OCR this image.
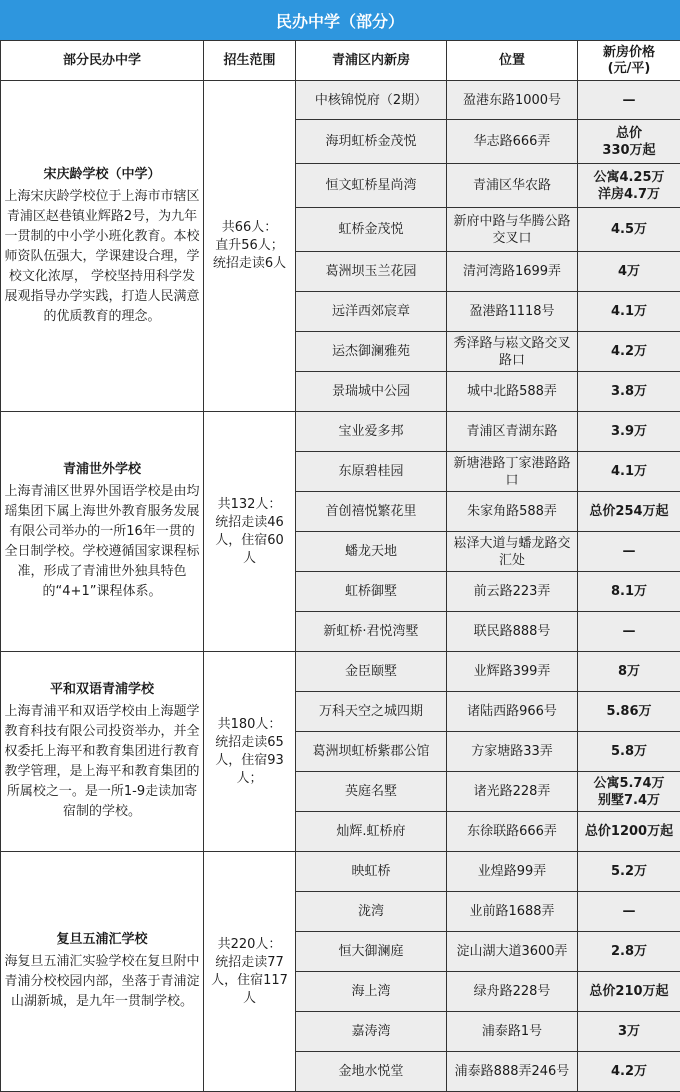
民办中学（部分）
部分民办中学	招生范围	青浦区内新房	位置	新房价格
(元/平)

宋庆龄学校（中学）
上海宋庆龄学校位于上海市市辖区青浦区赵巷镇业辉路2号，为九年一贯制的中小学小班化教育。本校师资队伍强大，学课建设合理，学校文化浓厚， 学校坚持用科学发展观指导办学实践，打造人民满意的优质教育的理念。	共66人：
直升56人；
统招走读6人	中核锦悦府（2期）	盈港东路1000号	—
		海玥虹桥金茂悦	华志路666弄	总价
330万起
		恒文虹桥星尚湾	青浦区华农路	公寓4.25万
洋房4.7万
		虹桥金茂悦	新府中路与华腾公路交叉口	4.5万
		葛洲坝玉兰花园	清河湾路1699弄	4万
		远洋西郊宸章	盈港路1118号	4.1万
		运杰御澜雅苑	秀泽路与崧文路交叉路口	4.2万
		景瑞城中公园	城中北路588弄	3.8万

青浦世外学校
上海青浦区世界外国语学校是由均瑶集团下属上海世外教育服务发展有限公司举办的一所16年一贯的全日制学校。学校遵循国家课程标准，形成了青浦世外独具特色的“4+1”课程体系。	共132人：
统招走读46人，住宿60人	宝业爱多邦	青浦区青湖东路	3.9万
		东原碧桂园	新塘港路丁家港路路口	4.1万
		首创禧悦繁花里	朱家角路588弄	总价254万起
		蟠龙天地	崧泽大道与蟠龙路交汇处	—
		虹桥御墅	前云路223弄	8.1万
		新虹桥·君悦湾墅	联民路888号	—

平和双语青浦学校
上海青浦平和双语学校由上海题学教育科技有限公司投资举办，并全权委托上海平和教育集团进行教育教学管理，是上海平和教育集团的所属校之一。是一所1-9走读加寄宿制的学校。	共180人：
统招走读65人，住宿93人；	金臣颐墅	业辉路399弄	8万
		万科天空之城四期	诸陆西路966号	5.86万
		葛洲坝虹桥紫郡公馆	方家塘路33弄	5.8万
		英庭名墅	诸光路228弄	公寓5.74万
别墅7.4万
		灿辉.虹桥府	东徐联路666弄	总价1200万起

复旦五浦汇学校
海复旦五浦汇实验学校在复旦附中青浦分校校园内部，坐落于青浦淀山湖新城，是九年一贯制学校。	共220人：
统招走读77人，住宿117人	映虹桥	业煌路99弄	5.2万
		泷湾	业前路1688弄	—
		恒大御澜庭	淀山湖大道3600弄	2.8万
		海上湾	绿舟路228号	总价210万起
		嘉涛湾	浦泰路1号	3万
		金地水悦堂	浦泰路888弄246号	4.2万
